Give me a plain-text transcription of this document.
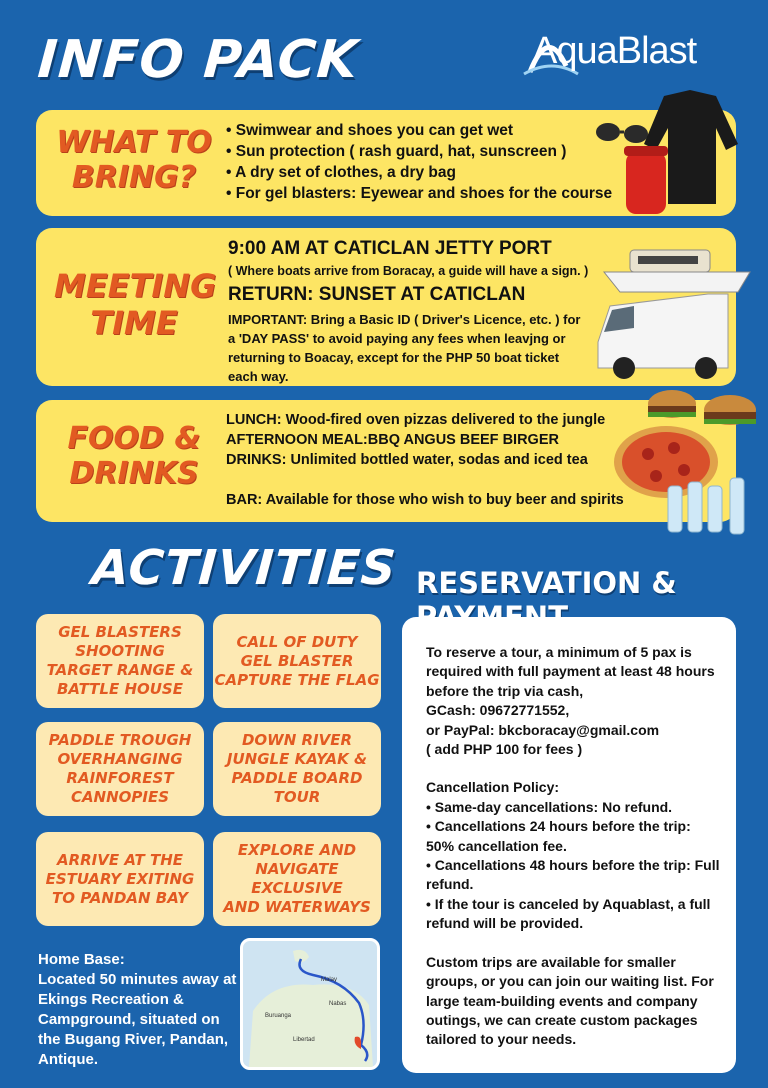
INFO PACK	AquaBlast
WHAT TO
BRING?
• Swimwear and shoes you can get wet
• Sun protection ( rash guard, hat, sunscreen )
• A dry set of clothes, a dry bag
• For gel blasters: Eyewear and shoes for the course
MEETING
TIME
9:00 AM AT CATICLAN JETTY PORT
( Where boats arrive from Boracay, a guide will have a sign. )
RETURN: SUNSET AT CATICLAN
IMPORTANT: Bring a Basic ID ( Driver's Licence, etc. ) for a 'DAY PASS' to avoid paying any fees when leavjng or returning to Boacay, except for the PHP 50 boat ticket each way.
FOOD &
DRINKS
LUNCH: Wood-fired oven pizzas delivered to the jungle
AFTERNOON MEAL:BBQ ANGUS BEEF BIRGER
DRINKS: Unlimited bottled water, sodas and iced tea
BAR: Available for those who wish to buy beer and spirits
ACTIVITIES
GEL BLASTERS
SHOOTING
TARGET RANGE &
BATTLE HOUSE
CALL OF DUTY
GEL BLASTER
CAPTURE THE FLAG
PADDLE TROUGH
OVERHANGING
RAINFOREST
CANNOPIES
DOWN RIVER
JUNGLE KAYAK &
PADDLE BOARD
TOUR
ARRIVE AT THE
ESTUARY EXITING
TO PANDAN BAY
EXPLORE AND
NAVIGATE EXCLUSIVE
AND WATERWAYS
Home Base:
Located 50 minutes away at Ekings Recreation & Campground, situated on the Bugang River, Pandan, Antique.
Malay
Nabas
Buruanga
Libertad
RESERVATION &

To reserve a tour, a minimum of 5 pax is required with full payment at least 48 hours before the trip via cash,

GCash: 09672771552,

or PayPal: bkcboracay@gmail.com

( add PHP 100 for fees )

Cancellation Policy:

• Same-day cancellations: No refund.

• Cancellations 24 hours before the trip: 50% cancellation fee.

• Cancellations 48 hours before the trip: Full refund.

• If the tour is canceled by Aquablast, a full refund will be provided.

Custom trips are available for smaller groups, or you can join our waiting list. For large team-building events and company outings, we can create custom packages tailored to your needs.
